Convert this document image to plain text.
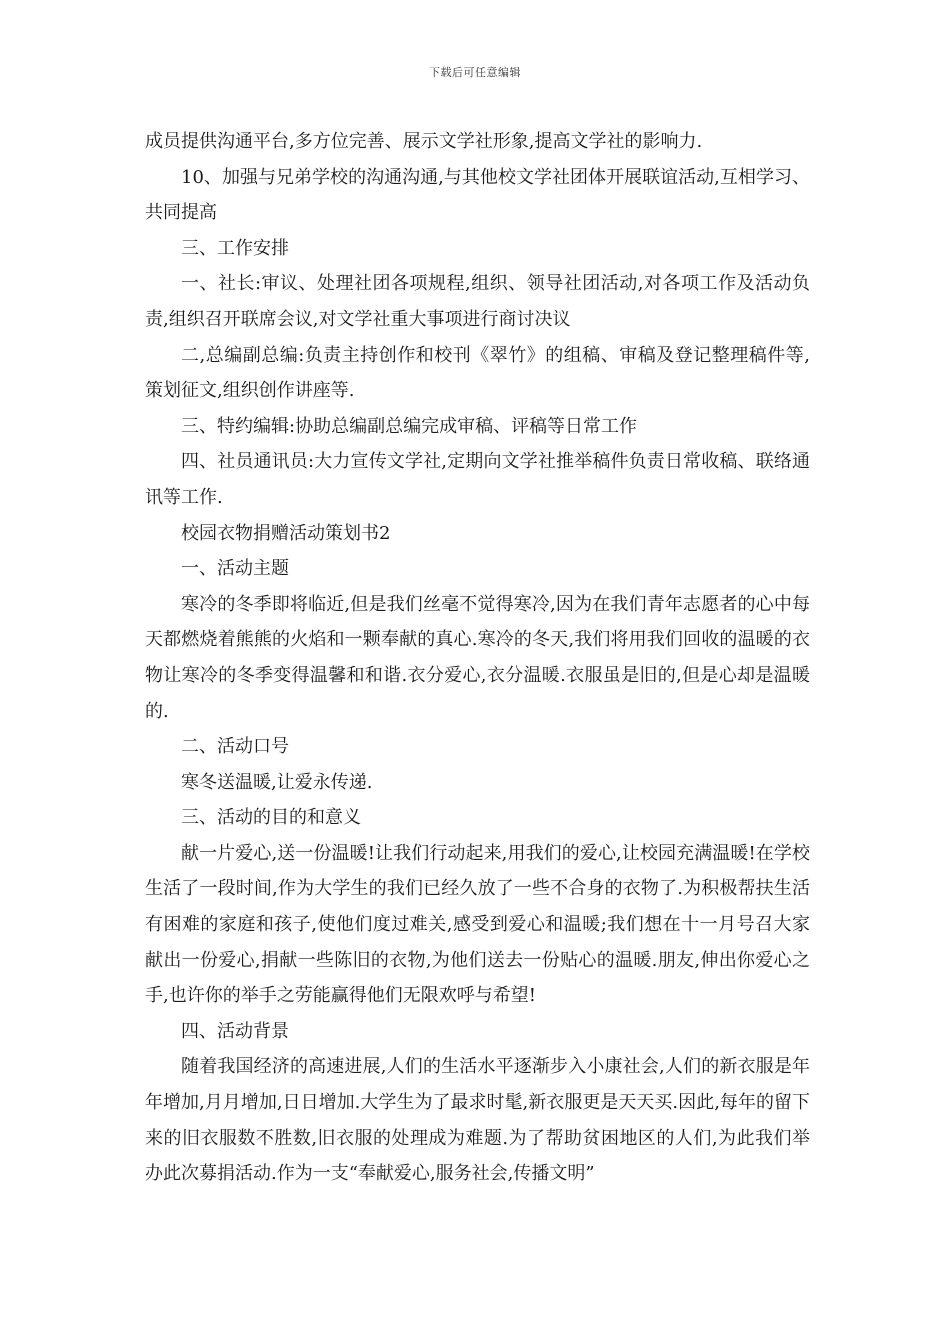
下载后可任意编辑

成员提供沟通平台,多方位完善、展示文学社形象,提高文学社的影响力.

10、加强与兄弟学校的沟通沟通,与其他校文学社团体开展联谊活动,互相学习、共同提高

三、工作安排

一、社长:审议、处理社团各项规程,组织、领导社团活动,对各项工作及活动负责,组织召开联席会议,对文学社重大事项进行商讨决议

二,总编副总编:负责主持创作和校刊《翠竹》的组稿、审稿及登记整理稿件等,策划征文,组织创作讲座等.

三、特约编辑:协助总编副总编完成审稿、评稿等日常工作

四、社员通讯员:大力宣传文学社,定期向文学社推举稿件负责日常收稿、联络通讯等工作.

校园衣物捐赠活动策划书2

一、活动主题

寒冷的冬季即将临近,但是我们丝毫不觉得寒冷,因为在我们青年志愿者的心中每天都燃烧着熊熊的火焰和一颗奉献的真心.寒冷的冬天,我们将用我们回收的温暖的衣物让寒冷的冬季变得温馨和和谐.衣分爱心,衣分温暖.衣服虽是旧的,但是心却是温暖的.

二、活动口号

寒冬送温暖,让爱永传递.

三、活动的目的和意义

献一片爱心,送一份温暖!让我们行动起来,用我们的爱心,让校园充满温暖!在学校生活了一段时间,作为大学生的我们已经久放了一些不合身的衣物了.为积极帮扶生活有困难的家庭和孩子,使他们度过难关,感受到爱心和温暖;我们想在十一月号召大家献出一份爱心,捐献一些陈旧的衣物,为他们送去一份贴心的温暖.朋友,伸出你爱心之手,也许你的举手之劳能赢得他们无限欢呼与希望!

四、活动背景

随着我国经济的高速进展,人们的生活水平逐渐步入小康社会,人们的新衣服是年年增加,月月增加,日日增加.大学生为了最求时髦,新衣服更是天天买.因此,每年的留下来的旧衣服数不胜数,旧衣服的处理成为难题.为了帮助贫困地区的人们,为此我们举办此次募捐活动.作为一支“奉献爱心,服务社会,传播文明”
